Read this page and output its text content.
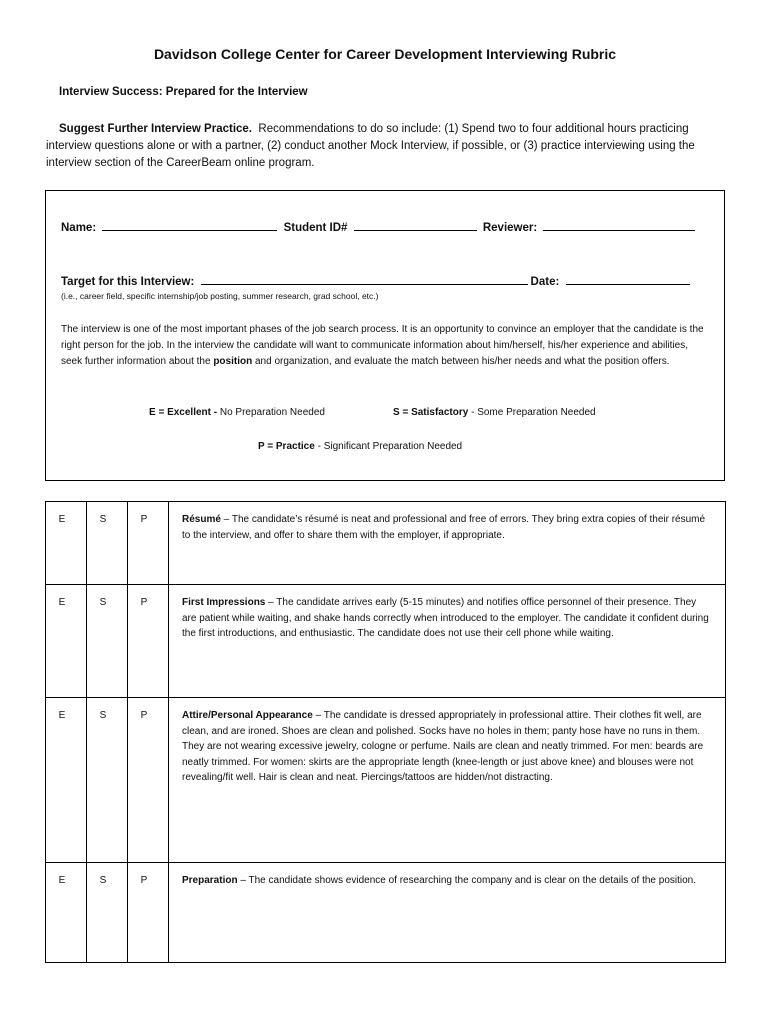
Davidson College Center for Career Development Interviewing Rubric
Interview Success: Prepared for the Interview
Suggest Further Interview Practice. Recommendations to do so include: (1) Spend two to four additional hours practicing interview questions alone or with a partner, (2) conduct another Mock Interview, if possible, or (3) practice interviewing using the interview section of the CareerBeam online program.
Name:	Student ID#	Reviewer:
Target for this Interview:	Date:
(i.e., career field, specific internship/job posting, summer research, grad school, etc.)
The interview is one of the most important phases of the job search process. It is an opportunity to convince an employer that the candidate is the right person for the job. In the interview the candidate will want to communicate information about him/herself, his/her experience and abilities, seek further information about the position and organization, and evaluate the match between his/her needs and what the position offers.
E = Excellent - No Preparation Needed	S = Satisfactory - Some Preparation Needed
P = Practice - Significant Preparation Needed
E	S	P	Résumé – The candidate’s résumé is neat and professional and free of errors. They bring extra copies of their résumé to the interview, and offer to share them with the employer, if appropriate.
E	S	P	First Impressions – The candidate arrives early (5-15 minutes) and notifies office personnel of their presence. They are patient while waiting, and shake hands correctly when introduced to the employer. The candidate it confident during the first introductions, and enthusiastic. The candidate does not use their cell phone while waiting.
E	S	P	Attire/Personal Appearance – The candidate is dressed appropriately in professional attire. Their clothes fit well, are clean, and are ironed. Shoes are clean and polished. Socks have no holes in them; panty hose have no runs in them. They are not wearing excessive jewelry, cologne or perfume. Nails are clean and neatly trimmed. For men: beards are neatly trimmed. For women: skirts are the appropriate length (knee-length or just above knee) and blouses were not revealing/fit well. Hair is clean and neat. Piercings/tattoos are hidden/not distracting.
E	S	P	Preparation – The candidate shows evidence of researching the company and is clear on the details of the position.
